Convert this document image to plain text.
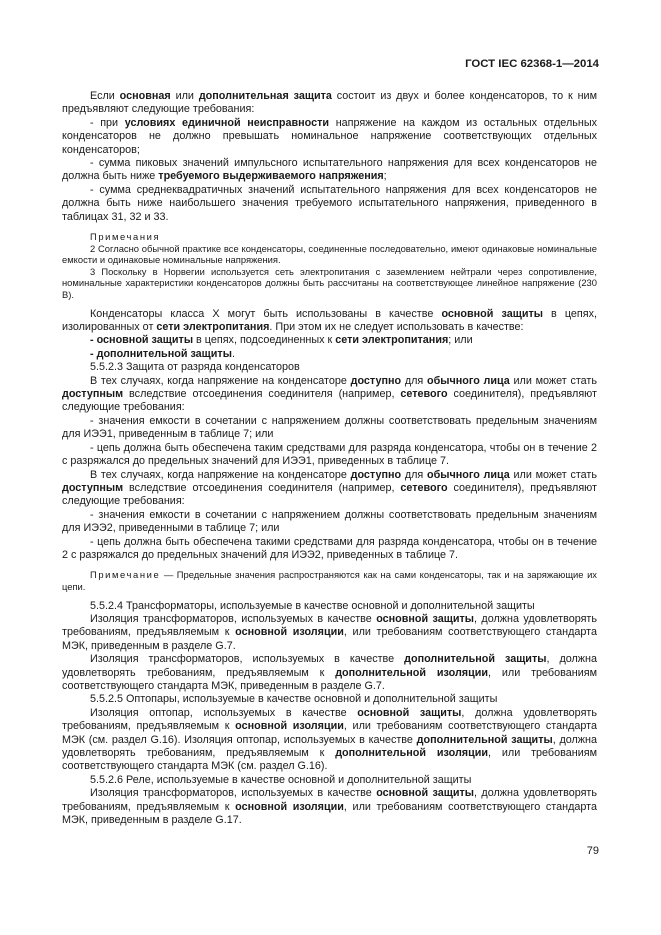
ГОСТ IEC 62368-1—2014

Если основная или дополнительная защита состоит из двух и более конденсаторов, то к ним предъявляют следующие требования:

- при условиях единичной неисправности напряжение на каждом из остальных отдельных конденсаторов не должно превышать номинальное напряжение соответствующих отдельных конденсаторов;

- сумма пиковых значений импульсного испытательного напряжения для всех конденсаторов не должна быть ниже требуемого выдерживаемого напряжения;

- сумма среднеквадратичных значений испытательного напряжения для всех конденсаторов не должна быть ниже наибольшего значения требуемого испытательного напряжения, приведенного в таблицах 31, 32 и 33.

Примечания

2 Согласно обычной практике все конденсаторы, соединенные последовательно, имеют одинаковые номинальные емкости и одинаковые номинальные напряжения.

3 Поскольку в Норвегии используется сеть электропитания с заземлением нейтрали через сопротивление, номинальные характеристики конденсаторов должны быть рассчитаны на соответствующее линейное напряжение (230 В).

Конденсаторы класса X могут быть использованы в качестве основной защиты в цепях, изолированных от сети электропитания. При этом их не следует использовать в качестве:

- основной защиты в цепях, подсоединенных к сети электропитания; или

- дополнительной защиты.

5.5.2.3 Защита от разряда конденсаторов

В тех случаях, когда напряжение на конденсаторе доступно для обычного лица или может стать доступным вследствие отсоединения соединителя (например, сетевого соединителя), предъявляют следующие требования:

- значения емкости в сочетании с напряжением должны соответствовать предельным значениям для ИЭЭ1, приведенным в таблице 7; или

- цепь должна быть обеспечена таким средствами для разряда конденсатора, чтобы он в течение 2 с разряжался до предельных значений для ИЭЭ1, приведенных в таблице 7.

В тех случаях, когда напряжение на конденсаторе доступно для обычного лица или может стать доступным вследствие отсоединения соединителя (например, сетевого соединителя), предъявляют следующие требования:

- значения емкости в сочетании с напряжением должны соответствовать предельным значениям для ИЭЭ2, приведенными в таблице 7; или

- цепь должна быть обеспечена такими средствами для разряда конденсатора, чтобы он в течение 2 с разряжался до предельных значений для ИЭЭ2, приведенных в таблице 7.

Примечание — Предельные значения распространяются как на сами конденсаторы, так и на заряжающие их цепи.

5.5.2.4 Трансформаторы, используемые в качестве основной и дополнительной защиты

Изоляция трансформаторов, используемых в качестве основной защиты, должна удовлетворять требованиям, предъявляемым к основной изоляции, или требованиям соответствующего стандарта МЭК, приведенным в разделе G.7.

Изоляция трансформаторов, используемых в качестве дополнительной защиты, должна удовлетворять требованиям, предъявляемым к дополнительной изоляции, или требованиям соответствующего стандарта МЭК, приведенным в разделе G.7.

5.5.2.5 Оптопары, используемые в качестве основной и дополнительной защиты

Изоляция оптопар, используемых в качестве основной защиты, должна удовлетворять требованиям, предъявляемым к основной изоляции, или требованиям соответствующего стандарта МЭК (см. раздел G.16). Изоляция оптопар, используемых в качестве дополнительной защиты, должна удовлетворять требованиям, предъявляемым к дополнительной изоляции, или требованиям соответствующего стандарта МЭК (см. раздел G.16).

5.5.2.6 Реле, используемые в качестве основной и дополнительной защиты

Изоляция трансформаторов, используемых в качестве основной защиты, должна удовлетворять требованиям, предъявляемым к основной изоляции, или требованиям соответствующего стандарта МЭК, приведенным в разделе G.17.

79
